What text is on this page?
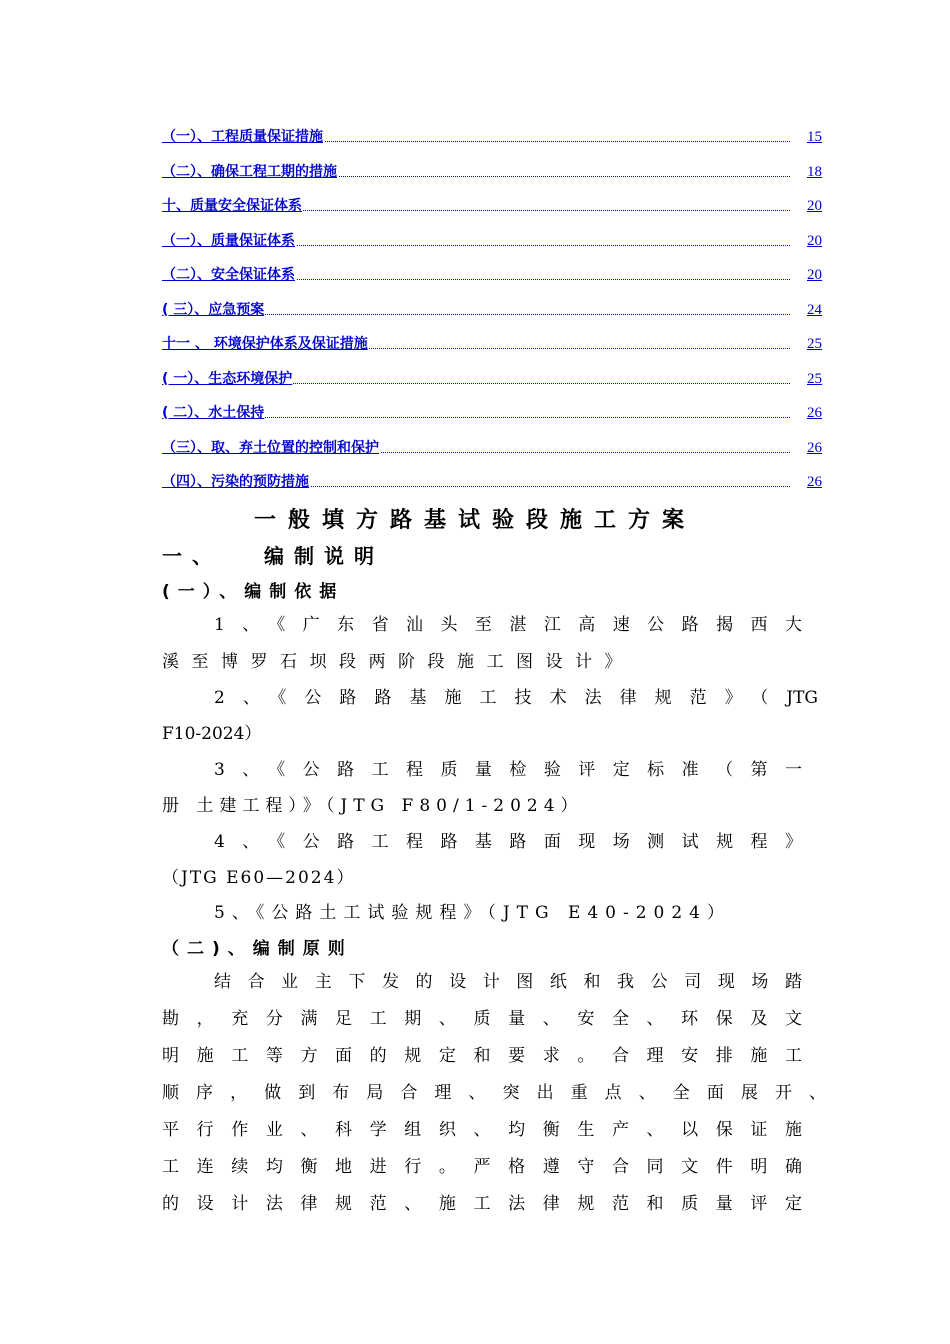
（一）、工程质量保证措施	15
（二）、确保工程工期的措施	18
十、质量安全保证体系	20
（一）、质量保证体系	20
（二）、安全保证体系	20
( 三）、应急预案	24
十一 、 环境保护体系及保证措施	25
( 一）、生态环境保护	25
( 二）、水土保持	26
（三）、取、弃土位置的控制和保护	26
（四）、污染的预防措施	26
一般填方路基试验段施工方案
一、 编制说明
(一）、编制依据
1、《广东省汕头至湛江高速公路揭西大
溪至博罗石坝段两阶段施工图设计》
2、《公路路基施工技术法律规范》（JTG
F10-2024）
3、《公路工程质量检验评定标准（第一
册 土建工程）》（JTG F80/1-2024）
4、《公路工程路基路面现场测试规程》
（JTG E60—2024）
5、《公路土工试验规程》（JTG E40-2024）
（二)、编制原则
结合业主下发的设计图纸和我公司现场踏
勘，充分满足工期、质量、安全、环保及文
明施工等方面的规定和要求。合理安排施工
顺序，做到布局合理、突出重点、全面展开、
平行作业、科学组织、均衡生产、以保证施
工连续均衡地进行。严格遵守合同文件明确
的设计法律规范、施工法律规范和质量评定
